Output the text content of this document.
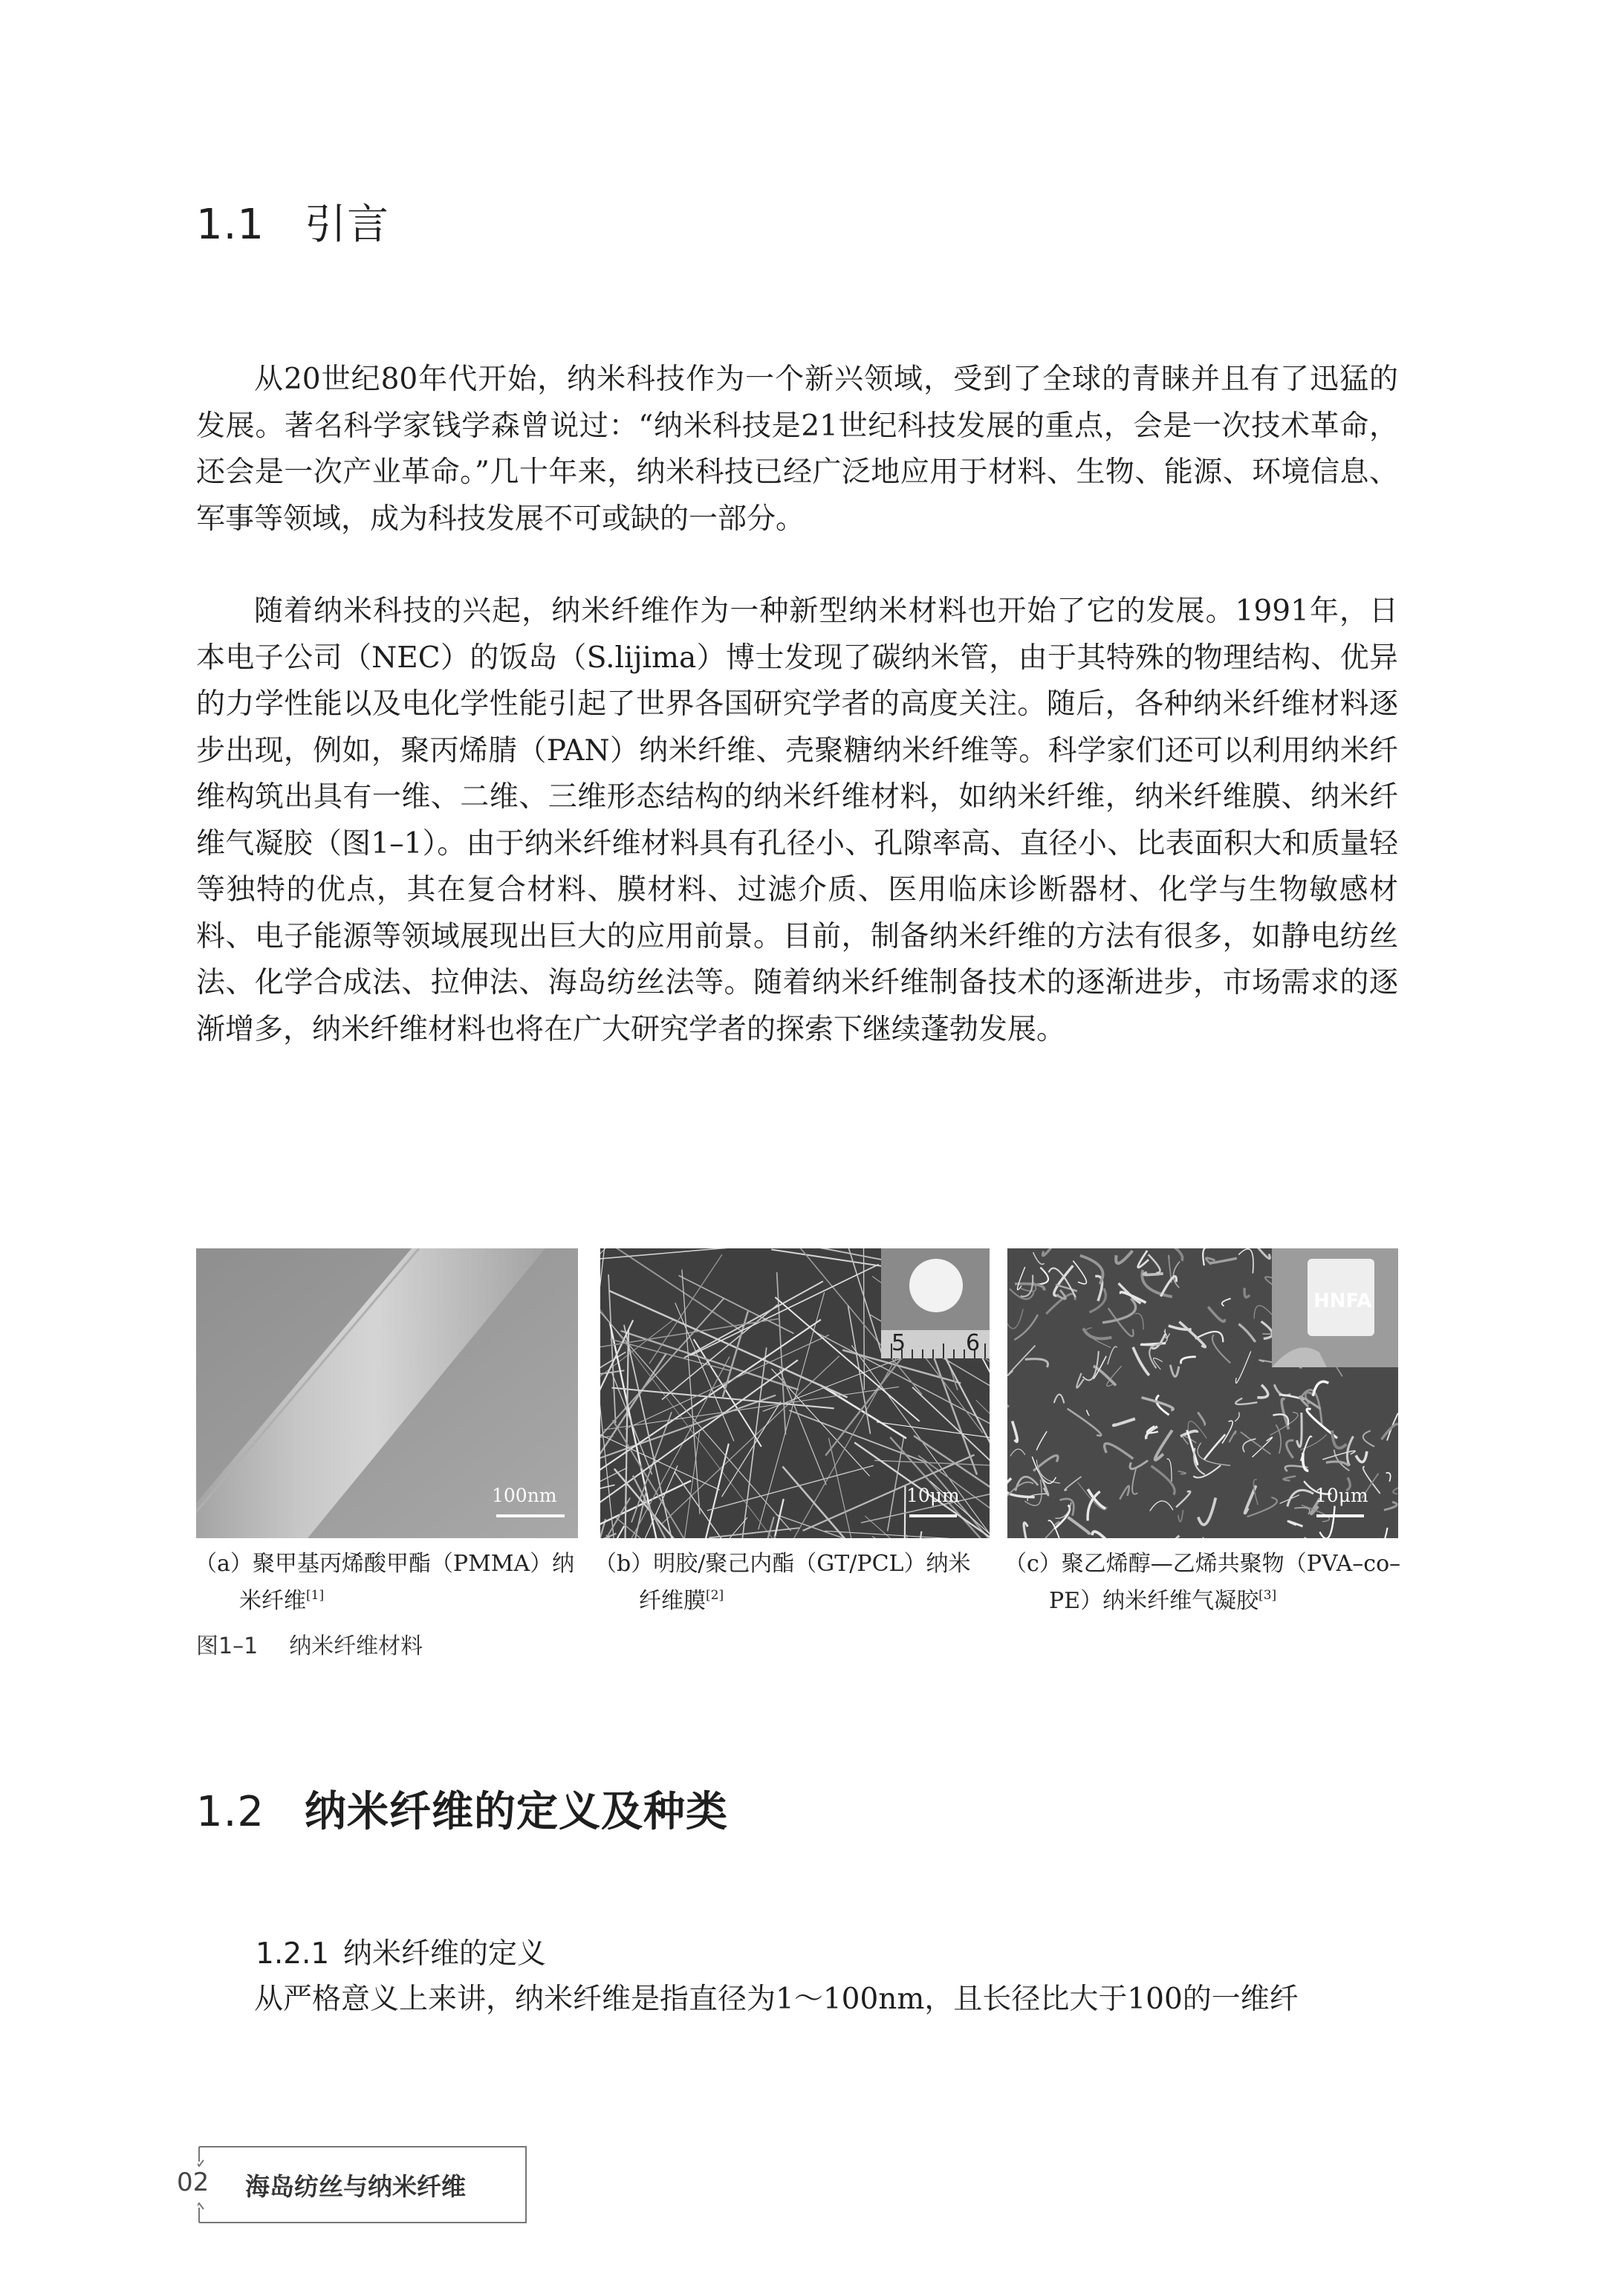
1.1 引言

从20世纪80年代开始，纳米科技作为一个新兴领域，受到了全球的青睐并且有了迅猛的发展。著名科学家钱学森曾说过：“纳米科技是21世纪科技发展的重点，会是一次技术革命，还会是一次产业革命。”几十年来，纳米科技已经广泛地应用于材料、生物、能源、环境信息、军事等领域，成为科技发展不可或缺的一部分。

随着纳米科技的兴起，纳米纤维作为一种新型纳米材料也开始了它的发展。1991年，日本电子公司（NEC）的饭岛（S.lijima）博士发现了碳纳米管，由于其特殊的物理结构、优异的力学性能以及电化学性能引起了世界各国研究学者的高度关注。随后，各种纳米纤维材料逐步出现，例如，聚丙烯腈（PAN）纳米纤维、壳聚糖纳米纤维等。科学家们还可以利用纳米纤维构筑出具有一维、二维、三维形态结构的纳米纤维材料，如纳米纤维，纳米纤维膜、纳米纤维气凝胶（图1–1）。由于纳米纤维材料具有孔径小、孔隙率高、直径小、比表面积大和质量轻等独特的优点，其在复合材料、膜材料、过滤介质、医用临床诊断器材、化学与生物敏感材料、电子能源等领域展现出巨大的应用前景。目前，制备纳米纤维的方法有很多，如静电纺丝法、化学合成法、拉伸法、海岛纺丝法等。随着纳米纤维制备技术的逐渐进步，市场需求的逐渐增多，纳米纤维材料也将在广大研究学者的探索下继续蓬勃发展。

100nm
5	6
10μm
HNFA
10μm
（a）聚甲基丙烯酸甲酯（PMMA）纳
米纤维[1]
（b）明胶/聚己内酯（GT/PCL）纳米
纤维膜[2]
（c）聚乙烯醇—乙烯共聚物（PVA–co–
PE）纳米纤维气凝胶[3]
图1–1 纳米纤维材料
1.2 纳米纤维的定义及种类
1.2.1 纳米纤维的定义

从严格意义上来讲，纳米纤维是指直径为1～100nm，且长径比大于100的一维纤

02 海岛纺丝与纳米纤维
